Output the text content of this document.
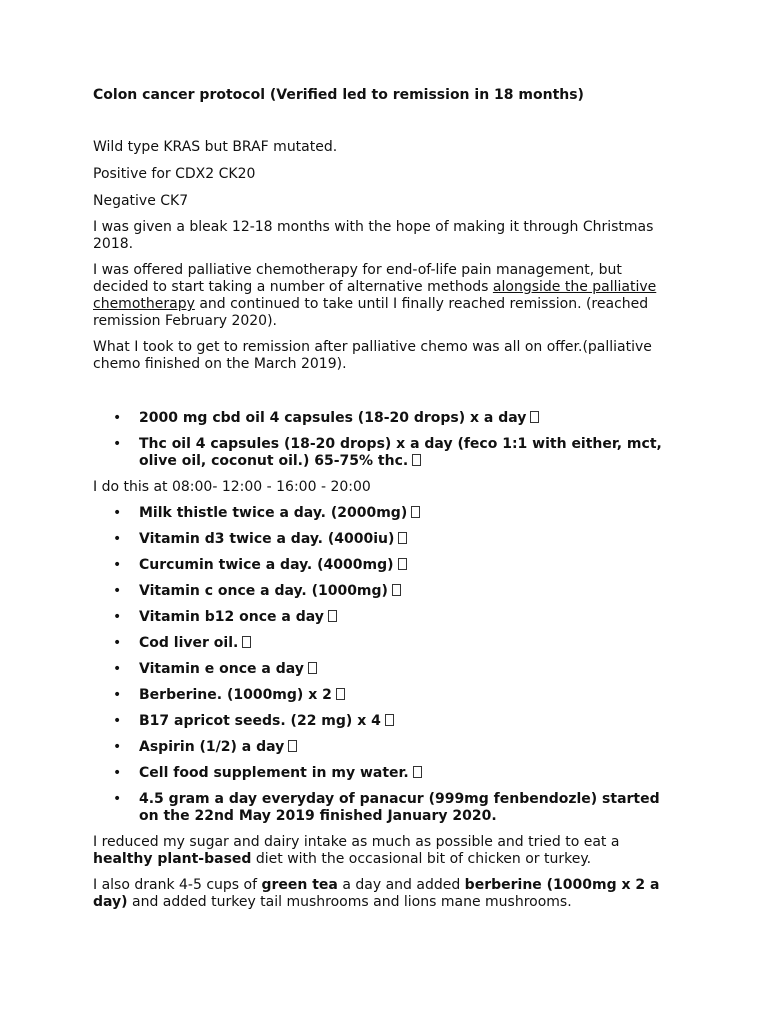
Colon cancer protocol (Verified led to remission in 18 months)

Wild type KRAS but BRAF mutated.

Positive for CDX2 CK20

Negative CK7

I was given a bleak 12-18 months with the hope of making it through Christmas 2018.

I was offered palliative chemotherapy for end-of-life pain management, but decided to start taking a number of alternative methods alongside the palliative chemotherapy and continued to take until I finally reached remission. (reached remission February 2020).

What I took to get to remission after palliative chemo was all on offer.(palliative chemo finished on the March 2019).

• 2000 mg cbd oil 4 capsules (18-20 drops) x a day
• Thc oil 4 capsules (18-20 drops) x a day (feco 1:1 with either, mct, olive oil, coconut oil.) 65-75% thc.

I do this at 08:00- 12:00 - 16:00 - 20:00

• Milk thistle twice a day. (2000mg)
• Vitamin d3 twice a day. (4000iu)
• Curcumin twice a day. (4000mg)
• Vitamin c once a day. (1000mg)
• Vitamin b12 once a day
• Cod liver oil.
• Vitamin e once a day
• Berberine. (1000mg) x 2
• B17 apricot seeds. (22 mg) x 4
• Aspirin (1/2) a day
• Cell food supplement in my water.
• 4.5 gram a day everyday of panacur (999mg fenbendozle) started on the 22nd May 2019 finished January 2020.

I reduced my sugar and dairy intake as much as possible and tried to eat a healthy plant-based diet with the occasional bit of chicken or turkey.

I also drank 4-5 cups of green tea a day and added berberine (1000mg x 2 a day) and added turkey tail mushrooms and lions mane mushrooms.
